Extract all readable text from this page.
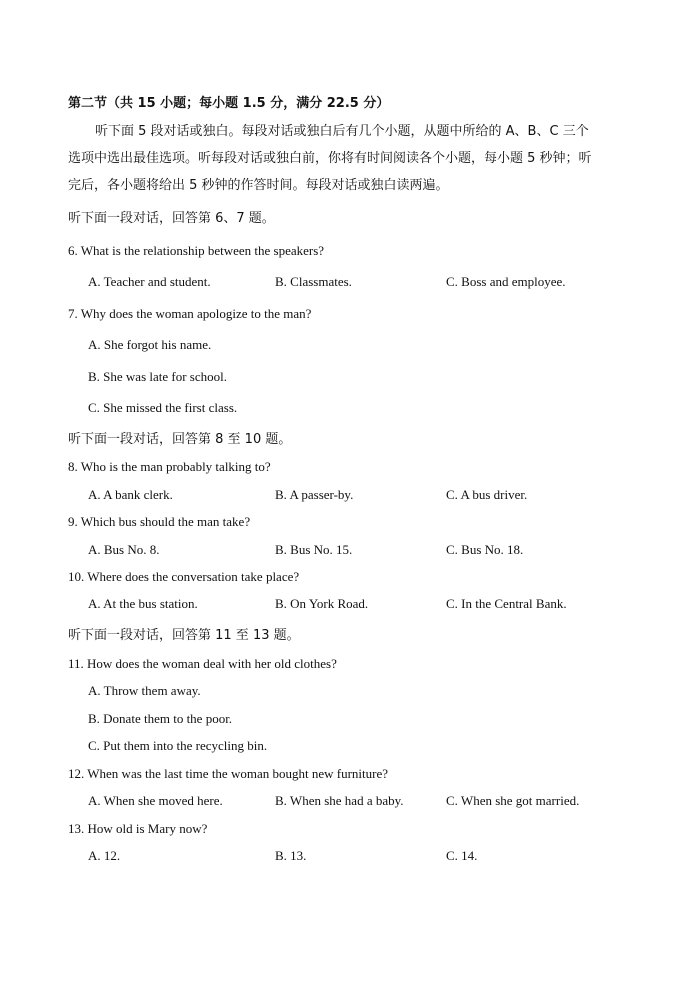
第二节（共 15 小题；每小题 1.5 分，满分 22.5 分）
听下面 5 段对话或独白。每段对话或独白后有几个小题，从题中所给的 A、B、C 三个
选项中选出最佳选项。听每段对话或独白前，你将有时间阅读各个小题，每小题 5 秒钟；听
完后，各小题将给出 5 秒钟的作答时间。每段对话或独白读两遍。
听下面一段对话，回答第 6、7 题。
6. What is the relationship between the speakers?
A. Teacher and student.	B. Classmates.	C. Boss and employee.
7. Why does the woman apologize to the man?
A. She forgot his name.
B. She was late for school.
C. She missed the first class.
听下面一段对话，回答第 8 至 10 题。
8. Who is the man probably talking to?
A. A bank clerk.	B. A passer-by.	C. A bus driver.
9. Which bus should the man take?
A. Bus No. 8.	B. Bus No. 15.	C. Bus No. 18.
10. Where does the conversation take place?
A. At the bus station.	B. On York Road.	C. In the Central Bank.
听下面一段对话，回答第 11 至 13 题。
11. How does the woman deal with her old clothes?
A. Throw them away.
B. Donate them to the poor.
C. Put them into the recycling bin.
12. When was the last time the woman bought new furniture?
A. When she moved here.	B. When she had a baby.	C. When she got married.
13. How old is Mary now?
A. 12.	B. 13.	C. 14.
